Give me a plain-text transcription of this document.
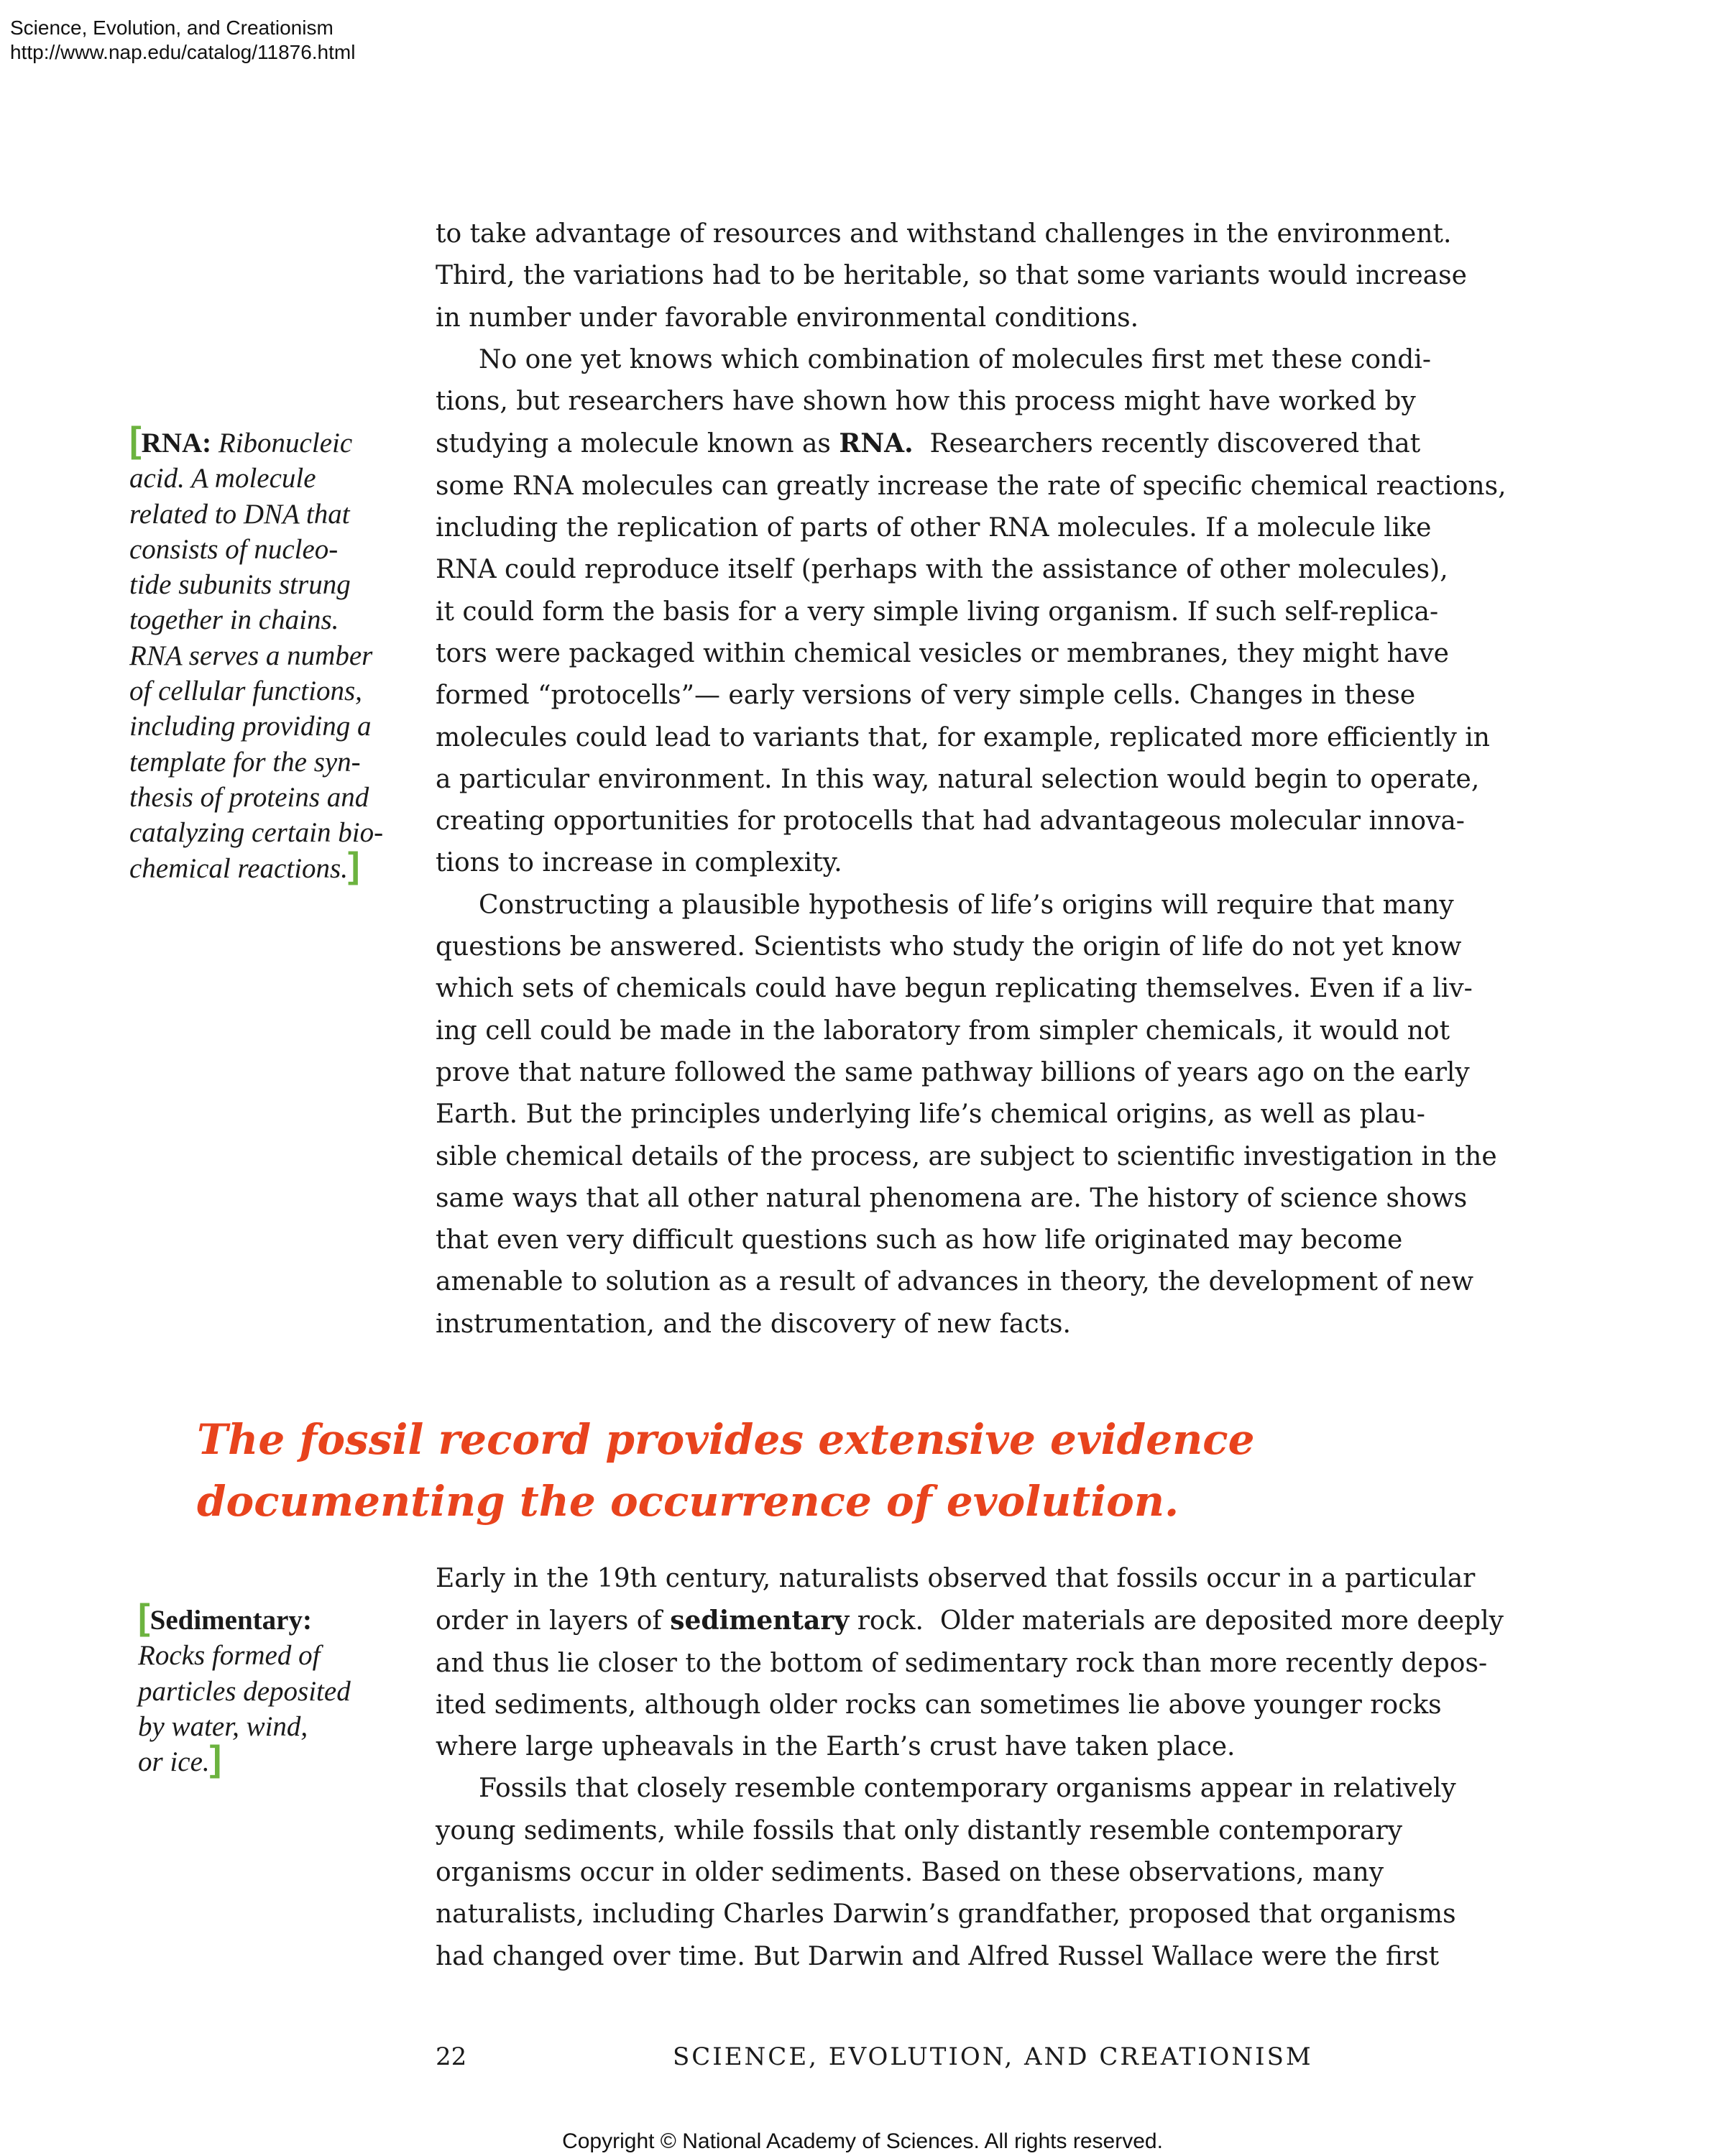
Science, Evolution, and Creationism
http://www.nap.edu/catalog/11876.html

to take advantage of resources and withstand challenges in the environment.
Third, the variations had to be heritable, so that some variants would increase
in number under favorable environmental conditions.

No one yet knows which combination of molecules first met these condi-
tions, but researchers have shown how this process might have worked by
studying a molecule known as RNA.  Researchers recently discovered that
some RNA molecules can greatly increase the rate of specific chemical reactions,
including the replication of parts of other RNA molecules. If a molecule like
RNA could reproduce itself (perhaps with the assistance of other molecules),
it could form the basis for a very simple living organism. If such self-replica-
tors were packaged within chemical vesicles or membranes, they might have
formed “protocells”— early versions of very simple cells. Changes in these
molecules could lead to variants that, for example, replicated more efficiently in
a particular environment. In this way, natural selection would begin to operate,
creating opportunities for protocells that had advantageous molecular innova-
tions to increase in complexity.

Constructing a plausible hypothesis of life’s origins will require that many
questions be answered. Scientists who study the origin of life do not yet know
which sets of chemicals could have begun replicating themselves. Even if a liv-
ing cell could be made in the laboratory from simpler chemicals, it would not
prove that nature followed the same pathway billions of years ago on the early
Earth. But the principles underlying life’s chemical origins, as well as plau-
sible chemical details of the process, are subject to scientific investigation in the
same ways that all other natural phenomena are. The history of science shows
that even very difficult questions such as how life originated may become
amenable to solution as a result of advances in theory, the development of new
instrumentation, and the discovery of new facts.

[RNA: Ribonucleic
acid. A molecule
related to DNA that
consists of nucleo-
tide subunits strung
together in chains.
RNA serves a number
of cellular functions,
including providing a
template for the syn-
thesis of proteins and
catalyzing certain bio-
chemical reactions.]
The fossil record provides extensive evidence
documenting the occurrence of evolution.

Early in the 19th century, naturalists observed that fossils occur in a particular
order in layers of sedimentary rock.  Older materials are deposited more deeply
and thus lie closer to the bottom of sedimentary rock than more recently depos-
ited sediments, although older rocks can sometimes lie above younger rocks
where large upheavals in the Earth’s crust have taken place.

Fossils that closely resemble contemporary organisms appear in relatively
young sediments, while fossils that only distantly resemble contemporary
organisms occur in older sediments. Based on these observations, many
naturalists, including Charles Darwin’s grandfather, proposed that organisms
had changed over time. But Darwin and Alfred Russel Wallace were the first

[Sedimentary:
Rocks formed of
particles deposited
by water, wind,
or ice.]
22	SCIENCE, EVOLUTION, AND CREATIONISM
Copyright © National Academy of Sciences. All rights reserved.
